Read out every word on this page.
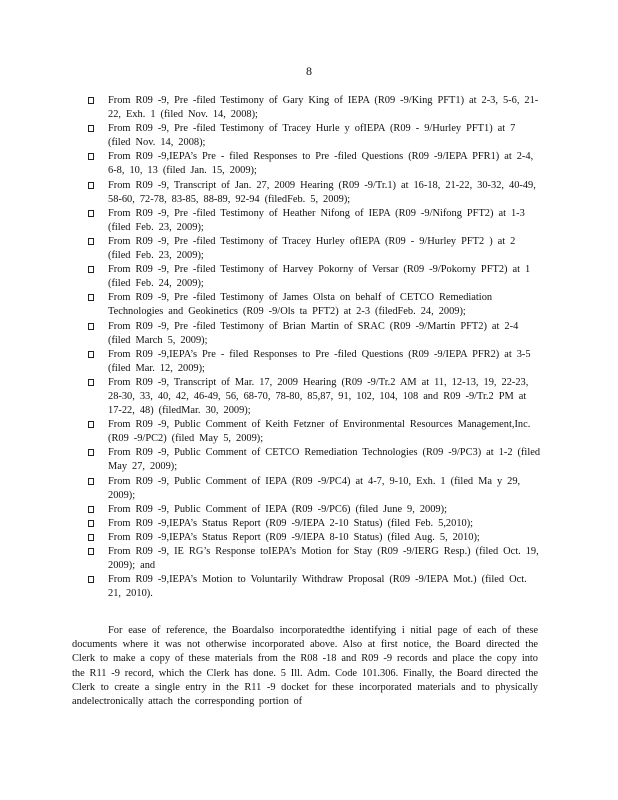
8
From R09 -9, Pre -filed Testimony of Gary King of IEPA (R09 -9/King PFT1) at 2-3, 5-6, 21-22, Exh. 1 (filed Nov. 14, 2008);
From R09 -9, Pre -filed Testimony of Tracey Hurle y ofIEPA (R09 - 9/Hurley PFT1) at 7 (filed Nov. 14, 2008);
From R09 -9,IEPA’s Pre - filed Responses to Pre -filed Questions (R09 -9/IEPA PFR1) at 2-4, 6-8, 10, 13 (filed Jan. 15, 2009);
From R09 -9, Transcript of Jan. 27, 2009 Hearing (R09 -9/Tr.1) at 16-18, 21-22, 30-32, 40-49, 58-60, 72-78, 83-85, 88-89, 92-94 (filedFeb. 5, 2009);
From R09 -9, Pre -filed Testimony of Heather Nifong of IEPA (R09 -9/Nifong PFT2) at 1-3 (filed Feb. 23, 2009);
From R09 -9, Pre -filed Testimony of Tracey Hurley ofIEPA (R09 - 9/Hurley PFT2 ) at 2 (filed Feb. 23, 2009);
From R09 -9, Pre -filed Testimony of Harvey Pokorny of Versar (R09 -9/Pokorny PFT2) at 1 (filed Feb. 24, 2009);
From R09 -9, Pre -filed Testimony of James Olsta on behalf of CETCO Remediation Technologies and Geokinetics (R09 -9/Ols ta PFT2) at 2-3 (filedFeb. 24, 2009);
From R09 -9, Pre -filed Testimony of Brian Martin of SRAC (R09 -9/Martin PFT2) at 2-4 (filed March 5, 2009);
From R09 -9,IEPA’s Pre - filed Responses to Pre -filed Questions (R09 -9/IEPA PFR2) at 3-5 (filed Mar. 12, 2009);
From R09 -9, Transcript of Mar. 17, 2009 Hearing (R09 -9/Tr.2 AM at 11, 12-13, 19, 22-23, 28-30, 33, 40, 42, 46-49, 56, 68-70, 78-80, 85,87, 91, 102, 104, 108 and R09 -9/Tr.2 PM at 17-22, 48) (filedMar. 30, 2009);
From R09 -9, Public Comment of Keith Fetzner of Environmental Resources Management,Inc. (R09 -9/PC2) (filed May 5, 2009);
From R09 -9, Public Comment of CETCO Remediation Technologies (R09 -9/PC3) at 1-2 (filed May 27, 2009);
From R09 -9, Public Comment of IEPA (R09 -9/PC4) at 4-7, 9-10, Exh. 1 (filed Ma y 29, 2009);
From R09 -9, Public Comment of IEPA (R09 -9/PC6) (filed June 9, 2009);
From R09 -9,IEPA’s Status Report (R09 -9/IEPA 2-10 Status) (filed Feb. 5,2010);
From R09 -9,IEPA’s Status Report (R09 -9/IEPA 8-10 Status) (filed Aug. 5, 2010);
From R09 -9, IE RG’s Response toIEPA’s Motion for Stay (R09 -9/IERG Resp.) (filed Oct. 19, 2009); and
From R09 -9,IEPA’s Motion to Voluntarily Withdraw Proposal (R09 -9/IEPA Mot.) (filed Oct. 21, 2010).

For ease of reference, the Boardalso incorporatedthe identifying i nitial page of each of these documents where it was not otherwise incorporated above. Also at first notice, the Board directed the Clerk to make a copy of these materials from the R08 -18 and R09 -9 records and place the copy into the R11 -9 record, which the Clerk has done. 5 Ill. Adm. Code 101.306. Finally, the Board directed the Clerk to create a single entry in the R11 -9 docket for these incorporated materials and to physically andelectronically attach the corresponding portion of
